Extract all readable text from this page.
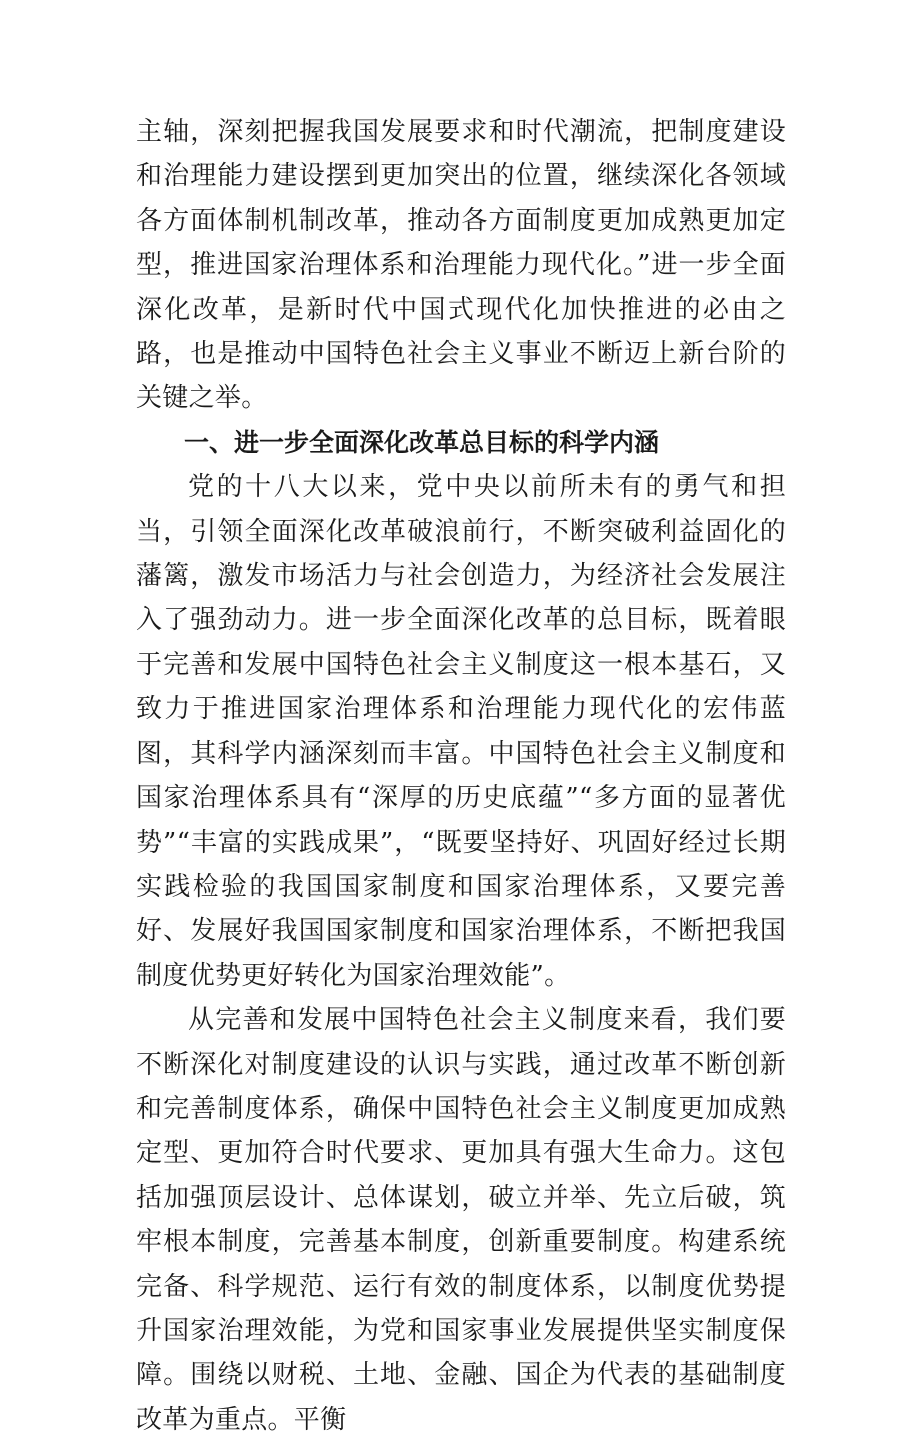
主轴，深刻把握我国发展要求和时代潮流，把制度建设和治理能力建设摆到更加突出的位置，继续深化各领域各方面体制机制改革，推动各方面制度更加成熟更加定型，推进国家治理体系和治理能力现代化。”进一步全面深化改革，是新时代中国式现代化加快推进的必由之路，也是推动中国特色社会主义事业不断迈上新台阶的关键之举。

一、进一步全面深化改革总目标的科学内涵

党的十八大以来，党中央以前所未有的勇气和担当，引领全面深化改革破浪前行，不断突破利益固化的藩篱，激发市场活力与社会创造力，为经济社会发展注入了强劲动力。进一步全面深化改革的总目标，既着眼于完善和发展中国特色社会主义制度这一根本基石，又致力于推进国家治理体系和治理能力现代化的宏伟蓝图，其科学内涵深刻而丰富。中国特色社会主义制度和国家治理体系具有“深厚的历史底蕴”“多方面的显著优势”“丰富的实践成果”，“既要坚持好、巩固好经过长期实践检验的我国国家制度和国家治理体系，又要完善好、发展好我国国家制度和国家治理体系，不断把我国制度优势更好转化为国家治理效能”。

从完善和发展中国特色社会主义制度来看，我们要不断深化对制度建设的认识与实践，通过改革不断创新和完善制度体系，确保中国特色社会主义制度更加成熟定型、更加符合时代要求、更加具有强大生命力。这包括加强顶层设计、总体谋划，破立并举、先立后破，筑牢根本制度，完善基本制度，创新重要制度。构建系统完备、科学规范、运行有效的制度体系，以制度优势提升国家治理效能，为党和国家事业发展提供坚实制度保障。围绕以财税、土地、金融、国企为代表的基础制度改革为重点。平衡
